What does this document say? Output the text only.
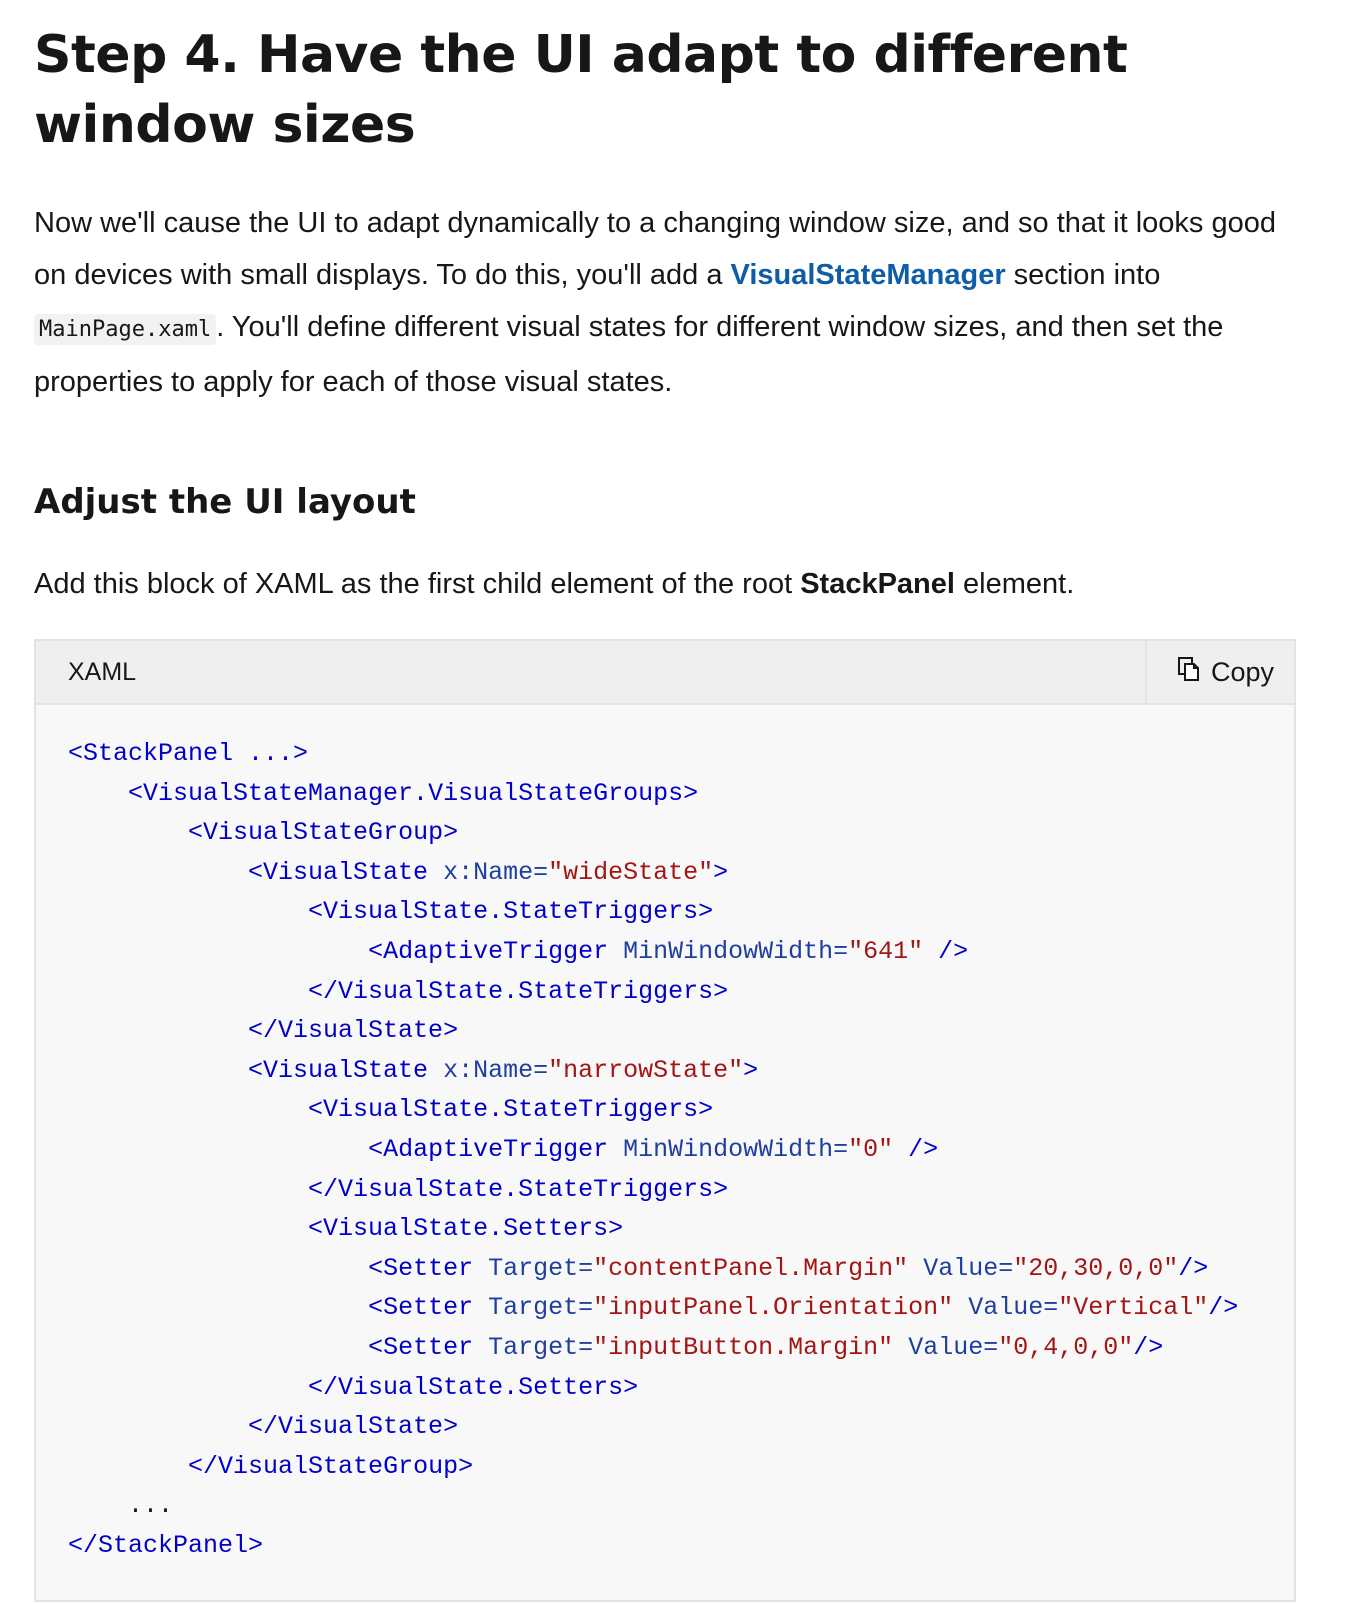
Step 4. Have the UI adapt to different window sizes

Now we'll cause the UI to adapt dynamically to a changing window size, and so that it looks good on devices with small displays. To do this, you'll add a VisualStateManager section into MainPage.xaml . You'll define different visual states for different window sizes, and then set the properties to apply for each of those visual states.

Adjust the UI layout

Add this block of XAML as the first child element of the root StackPanel element.

XAML	Copy
<StackPanel ...>
<VisualStateManager.VisualStateGroups>
<VisualStateGroup>
<VisualState x:Name="wideState">
<VisualState.StateTriggers>
<AdaptiveTrigger MinWindowWidth="641" />
</VisualState.StateTriggers>
</VisualState>
<VisualState x:Name="narrowState">
<VisualState.StateTriggers>
<AdaptiveTrigger MinWindowWidth="0" />
</VisualState.StateTriggers>
<VisualState.Setters>
<Setter Target="contentPanel.Margin" Value="20,30,0,0"/>
<Setter Target="inputPanel.Orientation" Value="Vertical"/>
<Setter Target="inputButton.Margin" Value="0,4,0,0"/>
</VisualState.Setters>
</VisualState>
</VisualStateGroup>
...
</StackPanel>
